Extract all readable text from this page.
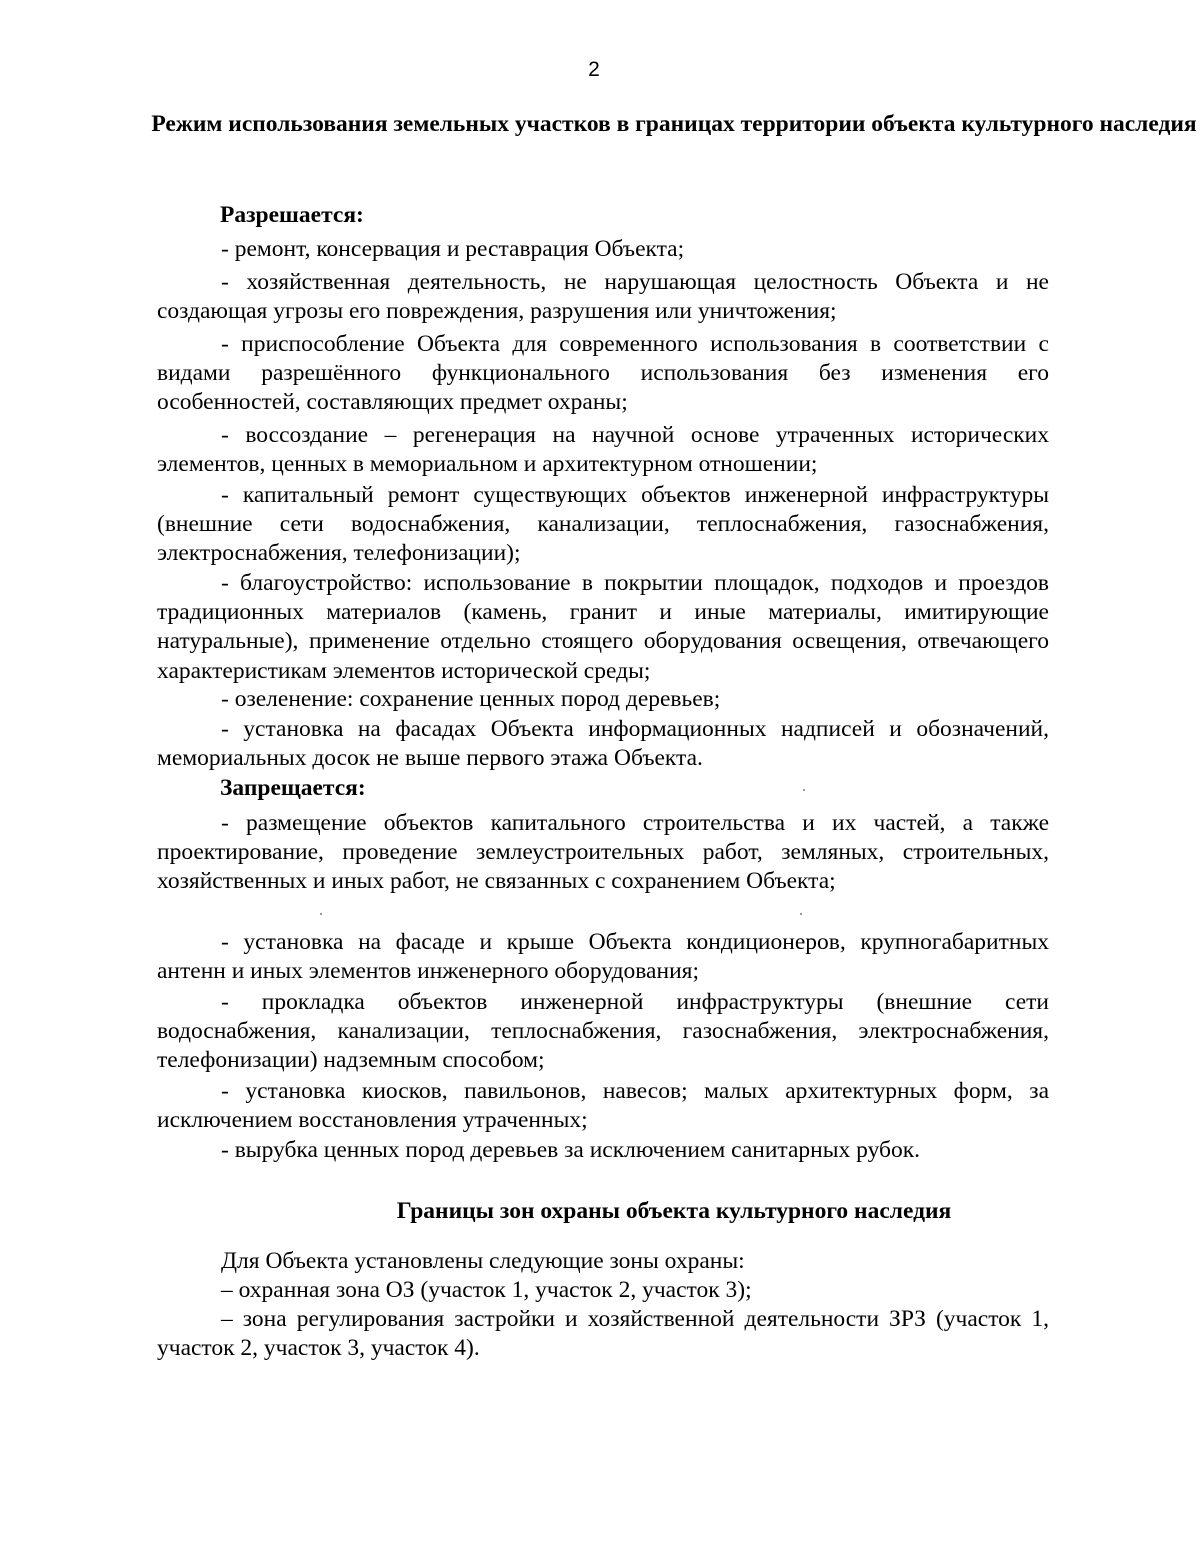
2
Режим использования земельных участков в границах территории объекта культурного наследия
Разрешается:

- ремонт, консервация и реставрация Объекта;

- хозяйственная деятельность, не нарушающая целостность Объекта и не создающая угрозы его повреждения, разрушения или уничтожения;

- приспособление Объекта для современного использования в соответствии с видами разрешённого функционального использования без изменения его особенностей, составляющих предмет охраны;

- воссоздание – регенерация на научной основе утраченных исторических элементов, ценных в мемориальном и архитектурном отношении;

- капитальный ремонт существующих объектов инженерной инфраструктуры (внешние сети водоснабжения, канализации, теплоснабжения, газоснабжения, электроснабжения, телефонизации);

- благоустройство: использование в покрытии площадок, подходов и проездов традиционных материалов (камень, гранит и иные материалы, имитирующие натуральные), применение отдельно стоящего оборудования освещения, отвечающего характеристикам элементов исторической среды;

- озеленение: сохранение ценных пород деревьев;

- установка на фасадах Объекта информационных надписей и обозначений, мемориальных досок не выше первого этажа Объекта.

Запрещается:

- размещение объектов капитального строительства и их частей, а также проектирование, проведение землеустроительных работ, земляных, строительных, хозяйственных и иных работ, не связанных с сохранением Объекта;

- установка на фасаде и крыше Объекта кондиционеров, крупногабаритных антенн и иных элементов инженерного оборудования;

- прокладка объектов инженерной инфраструктуры (внешние сети водоснабжения, канализации, теплоснабжения, газоснабжения, электроснабжения, телефонизации) надземным способом;

- установка киосков, павильонов, навесов; малых архитектурных форм, за исключением восстановления утраченных;

- вырубка ценных пород деревьев за исключением санитарных рубок.

Границы зон охраны объекта культурного наследия

Для Объекта установлены следующие зоны охраны:

– охранная зона ОЗ (участок 1, участок 2, участок 3);

– зона регулирования застройки и хозяйственной деятельности ЗРЗ (участок 1, участок 2, участок 3, участок 4).
